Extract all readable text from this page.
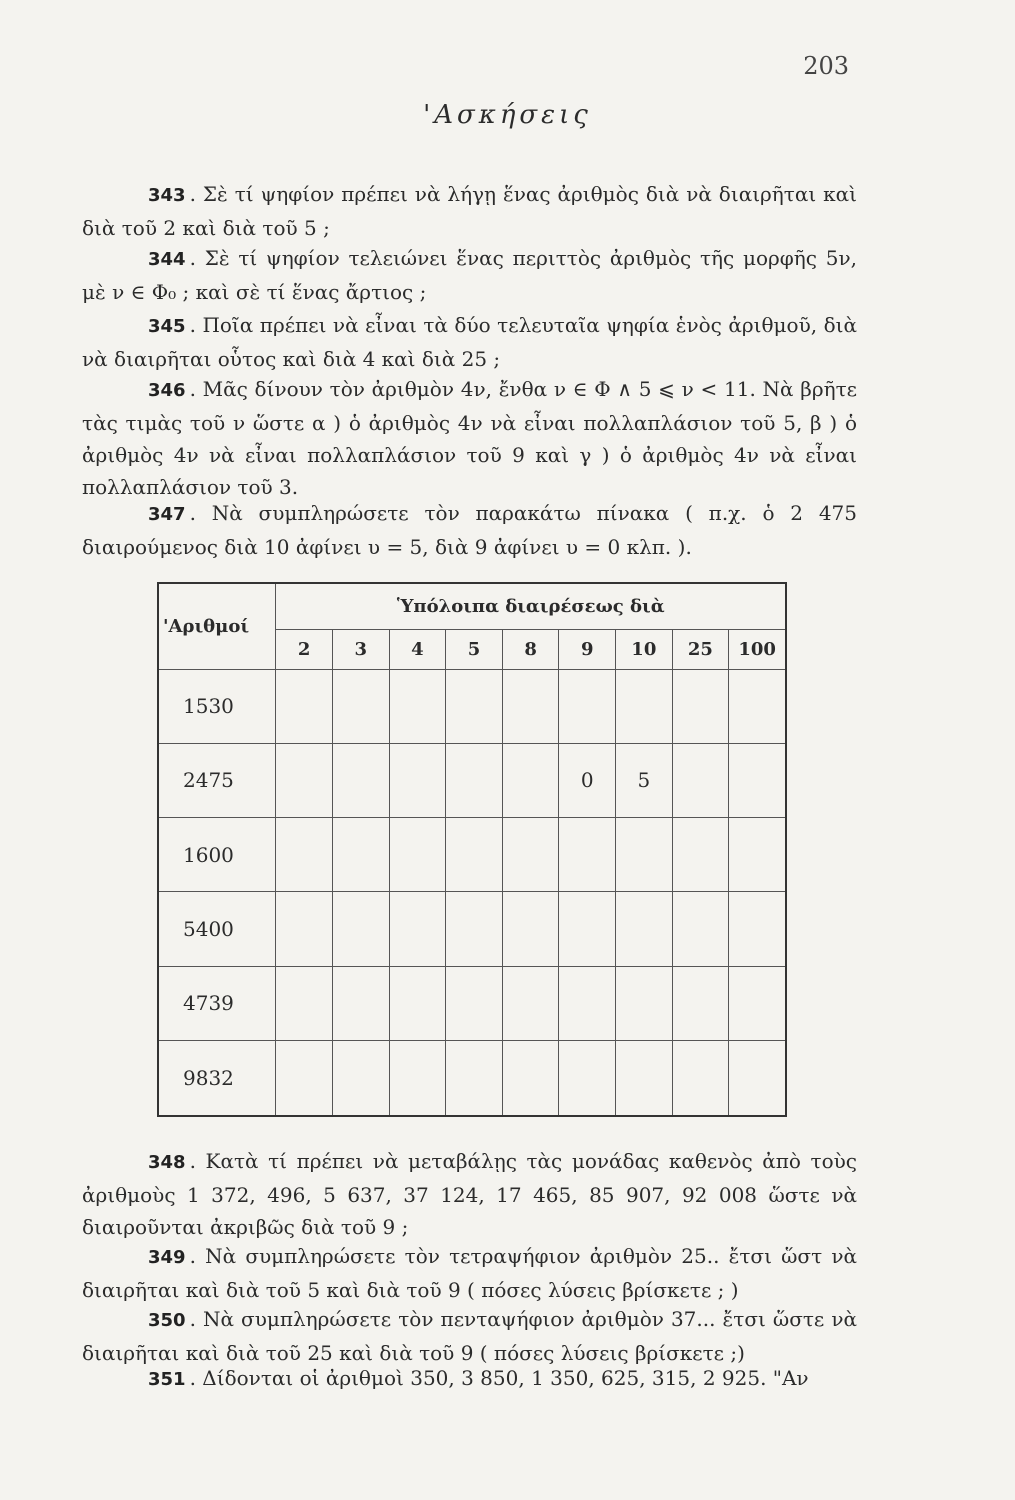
203
'Ασκήσεις
343 . Σὲ τί ψηφίον πρέπει νὰ λήγῃ ἕνας ἀριθμὸς διὰ νὰ διαιρῆται καὶ διὰ τοῦ 2 καὶ διὰ τοῦ 5 ;
344 . Σὲ τί ψηφίον τελειώνει ἕνας περιττὸς ἀριθμὸς τῆς μορφῆς 5ν, μὲ ν ∈ Φ₀ ; καὶ σὲ τί ἕνας ἄρτιος ;
345 . Ποῖα πρέπει νὰ εἶναι τὰ δύο τελευταῖα ψηφία ἑνὸς ἀριθμοῦ, διὰ νὰ διαιρῆται οὗτος καὶ διὰ 4 καὶ διὰ 25 ;
346 . Μᾶς δίνουν τὸν ἀριθμὸν 4ν, ἔνθα ν ∈ Φ ∧ 5 ⩽ ν < 11. Νὰ βρῆτε τὰς τιμὰς τοῦ ν ὥστε α ) ὁ ἀριθμὸς 4ν νὰ εἶναι πολλαπλάσιον τοῦ 5, β ) ὁ ἀριθμὸς 4ν νὰ εἶναι πολλαπλάσιον τοῦ 9 καὶ γ ) ὁ ἀριθμὸς 4ν νὰ εἶναι πολλαπλάσιον τοῦ 3.
347 . Νὰ συμπληρώσετε τὸν παρακάτω πίνακα ( π.χ. ὁ 2 475 διαιρούμενος διὰ 10 ἀφίνει υ = 5, διὰ 9 ἀφίνει υ = 0 κλπ. ).
'Αριθμοί	Ὑπόλοιπα διαιρέσεως διὰ								
	2	3	4	5	8	9	10	25	100
1530									
2475						0	5		
1600									
5400									
4739									
9832									
348 . Κατὰ τί πρέπει νὰ μεταβάλῃς τὰς μονάδας καθενὸς ἀπὸ τοὺς ἀριθμοὺς 1 372, 496, 5 637, 37 124, 17 465, 85 907, 92 008 ὥστε νὰ διαιροῦνται ἀκριβῶς διὰ τοῦ 9 ;
349 . Νὰ συμπληρώσετε τὸν τετραψήφιον ἀριθμὸν 25.. ἔτσι ὥστ νὰ διαιρῆται καὶ διὰ τοῦ 5 καὶ διὰ τοῦ 9 ( πόσες λύσεις βρίσκετε ; )
350 . Νὰ συμπληρώσετε τὸν πενταψήφιον ἀριθμὸν 37... ἔτσι ὥστε νὰ διαιρῆται καὶ διὰ τοῦ 25 καὶ διὰ τοῦ 9 ( πόσες λύσεις βρίσκετε ;)
351 . Δίδονται οἱ ἀριθμοὶ 350, 3 850, 1 350, 625, 315, 2 925. "Αν
